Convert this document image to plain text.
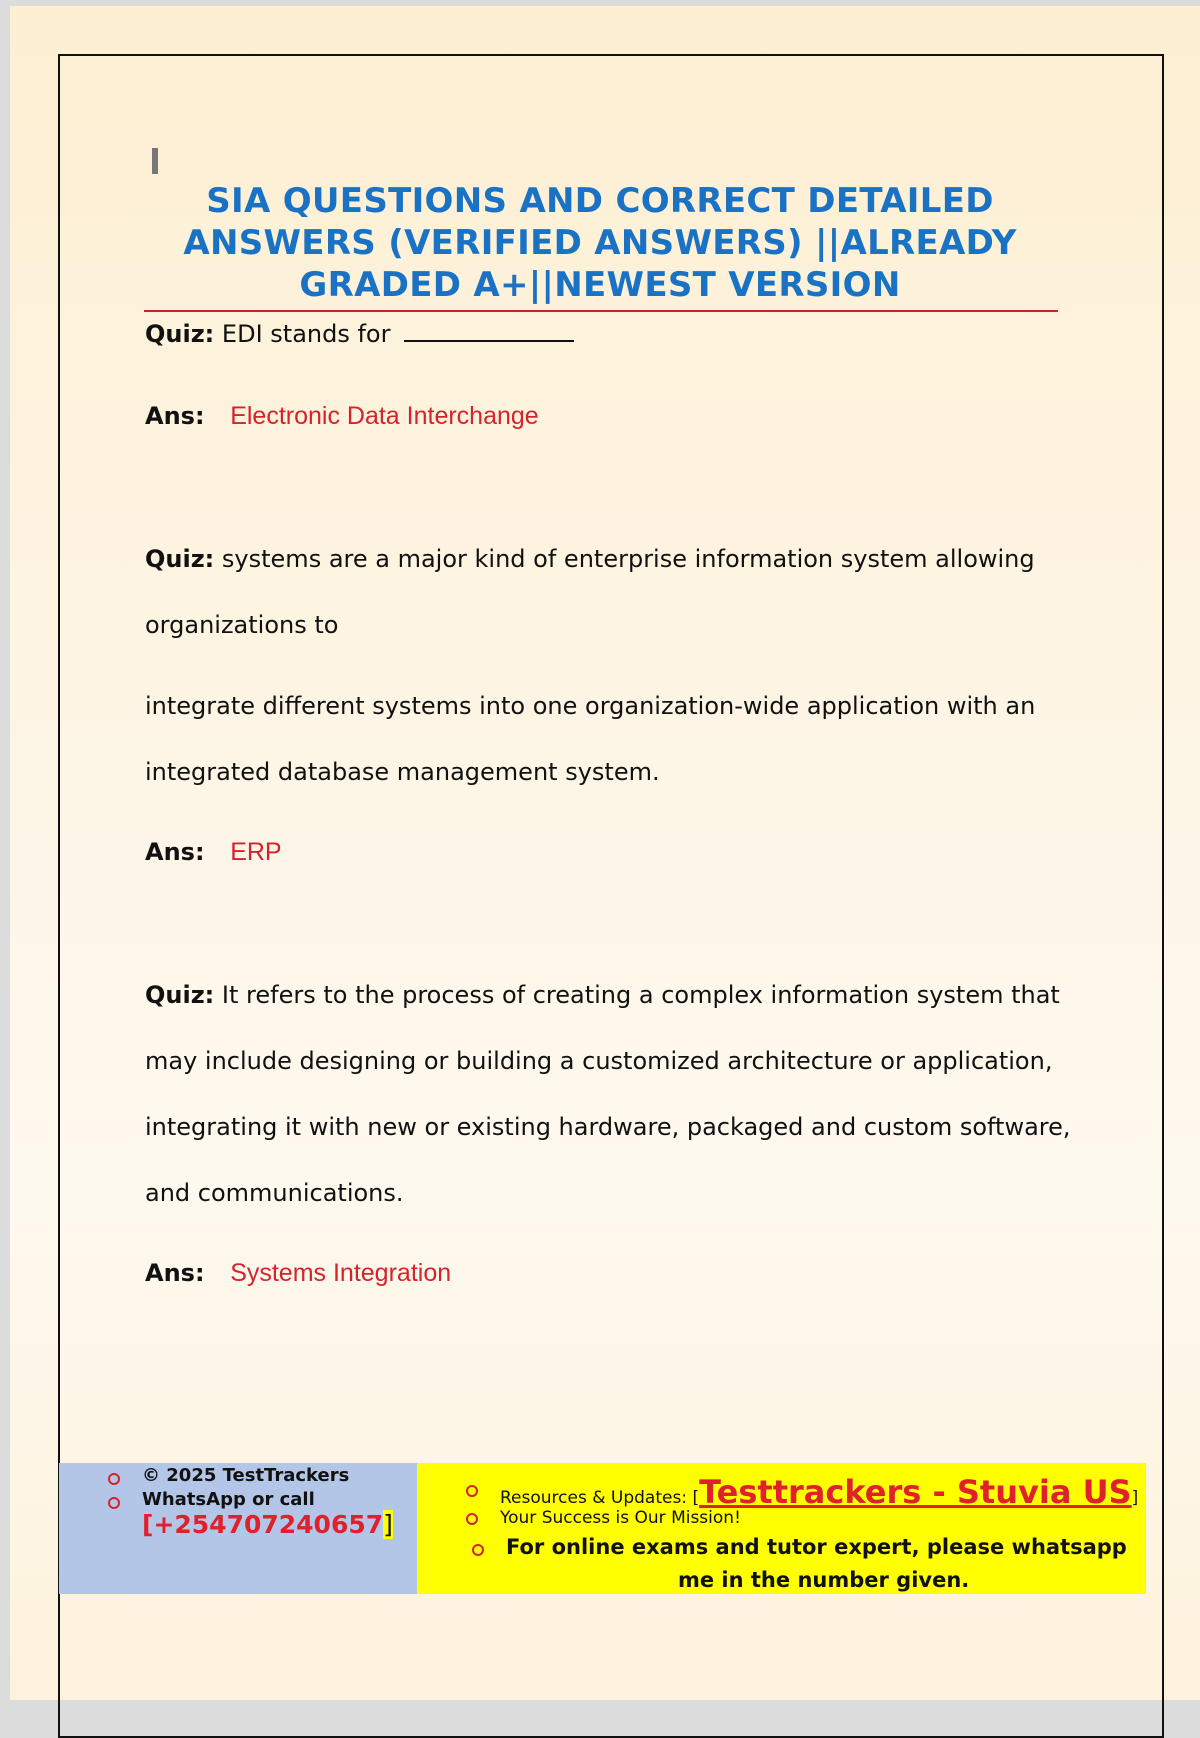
SIA QUESTIONS AND CORRECT DETAILED
ANSWERS (VERIFIED ANSWERS) ||ALREADY
GRADED A+||NEWEST VERSION
Quiz: EDI stands for
Ans: Electronic Data Interchange
Quiz: systems are a major kind of enterprise information system allowing
organizations to
integrate different systems into one organization-wide application with an
integrated database management system.
Ans: ERP
Quiz: It refers to the process of creating a complex information system that
may include designing or building a customized architecture or application,
integrating it with new or existing hardware, packaged and custom software,
and communications.
Ans: Systems Integration
© 2025 TestTrackers
WhatsApp or call
[+254707240657]
Resources & Updates: [Testtrackers - Stuvia US]
Your Success is Our Mission!
For online exams and tutor expert, please whatsapp
me in the number given.
